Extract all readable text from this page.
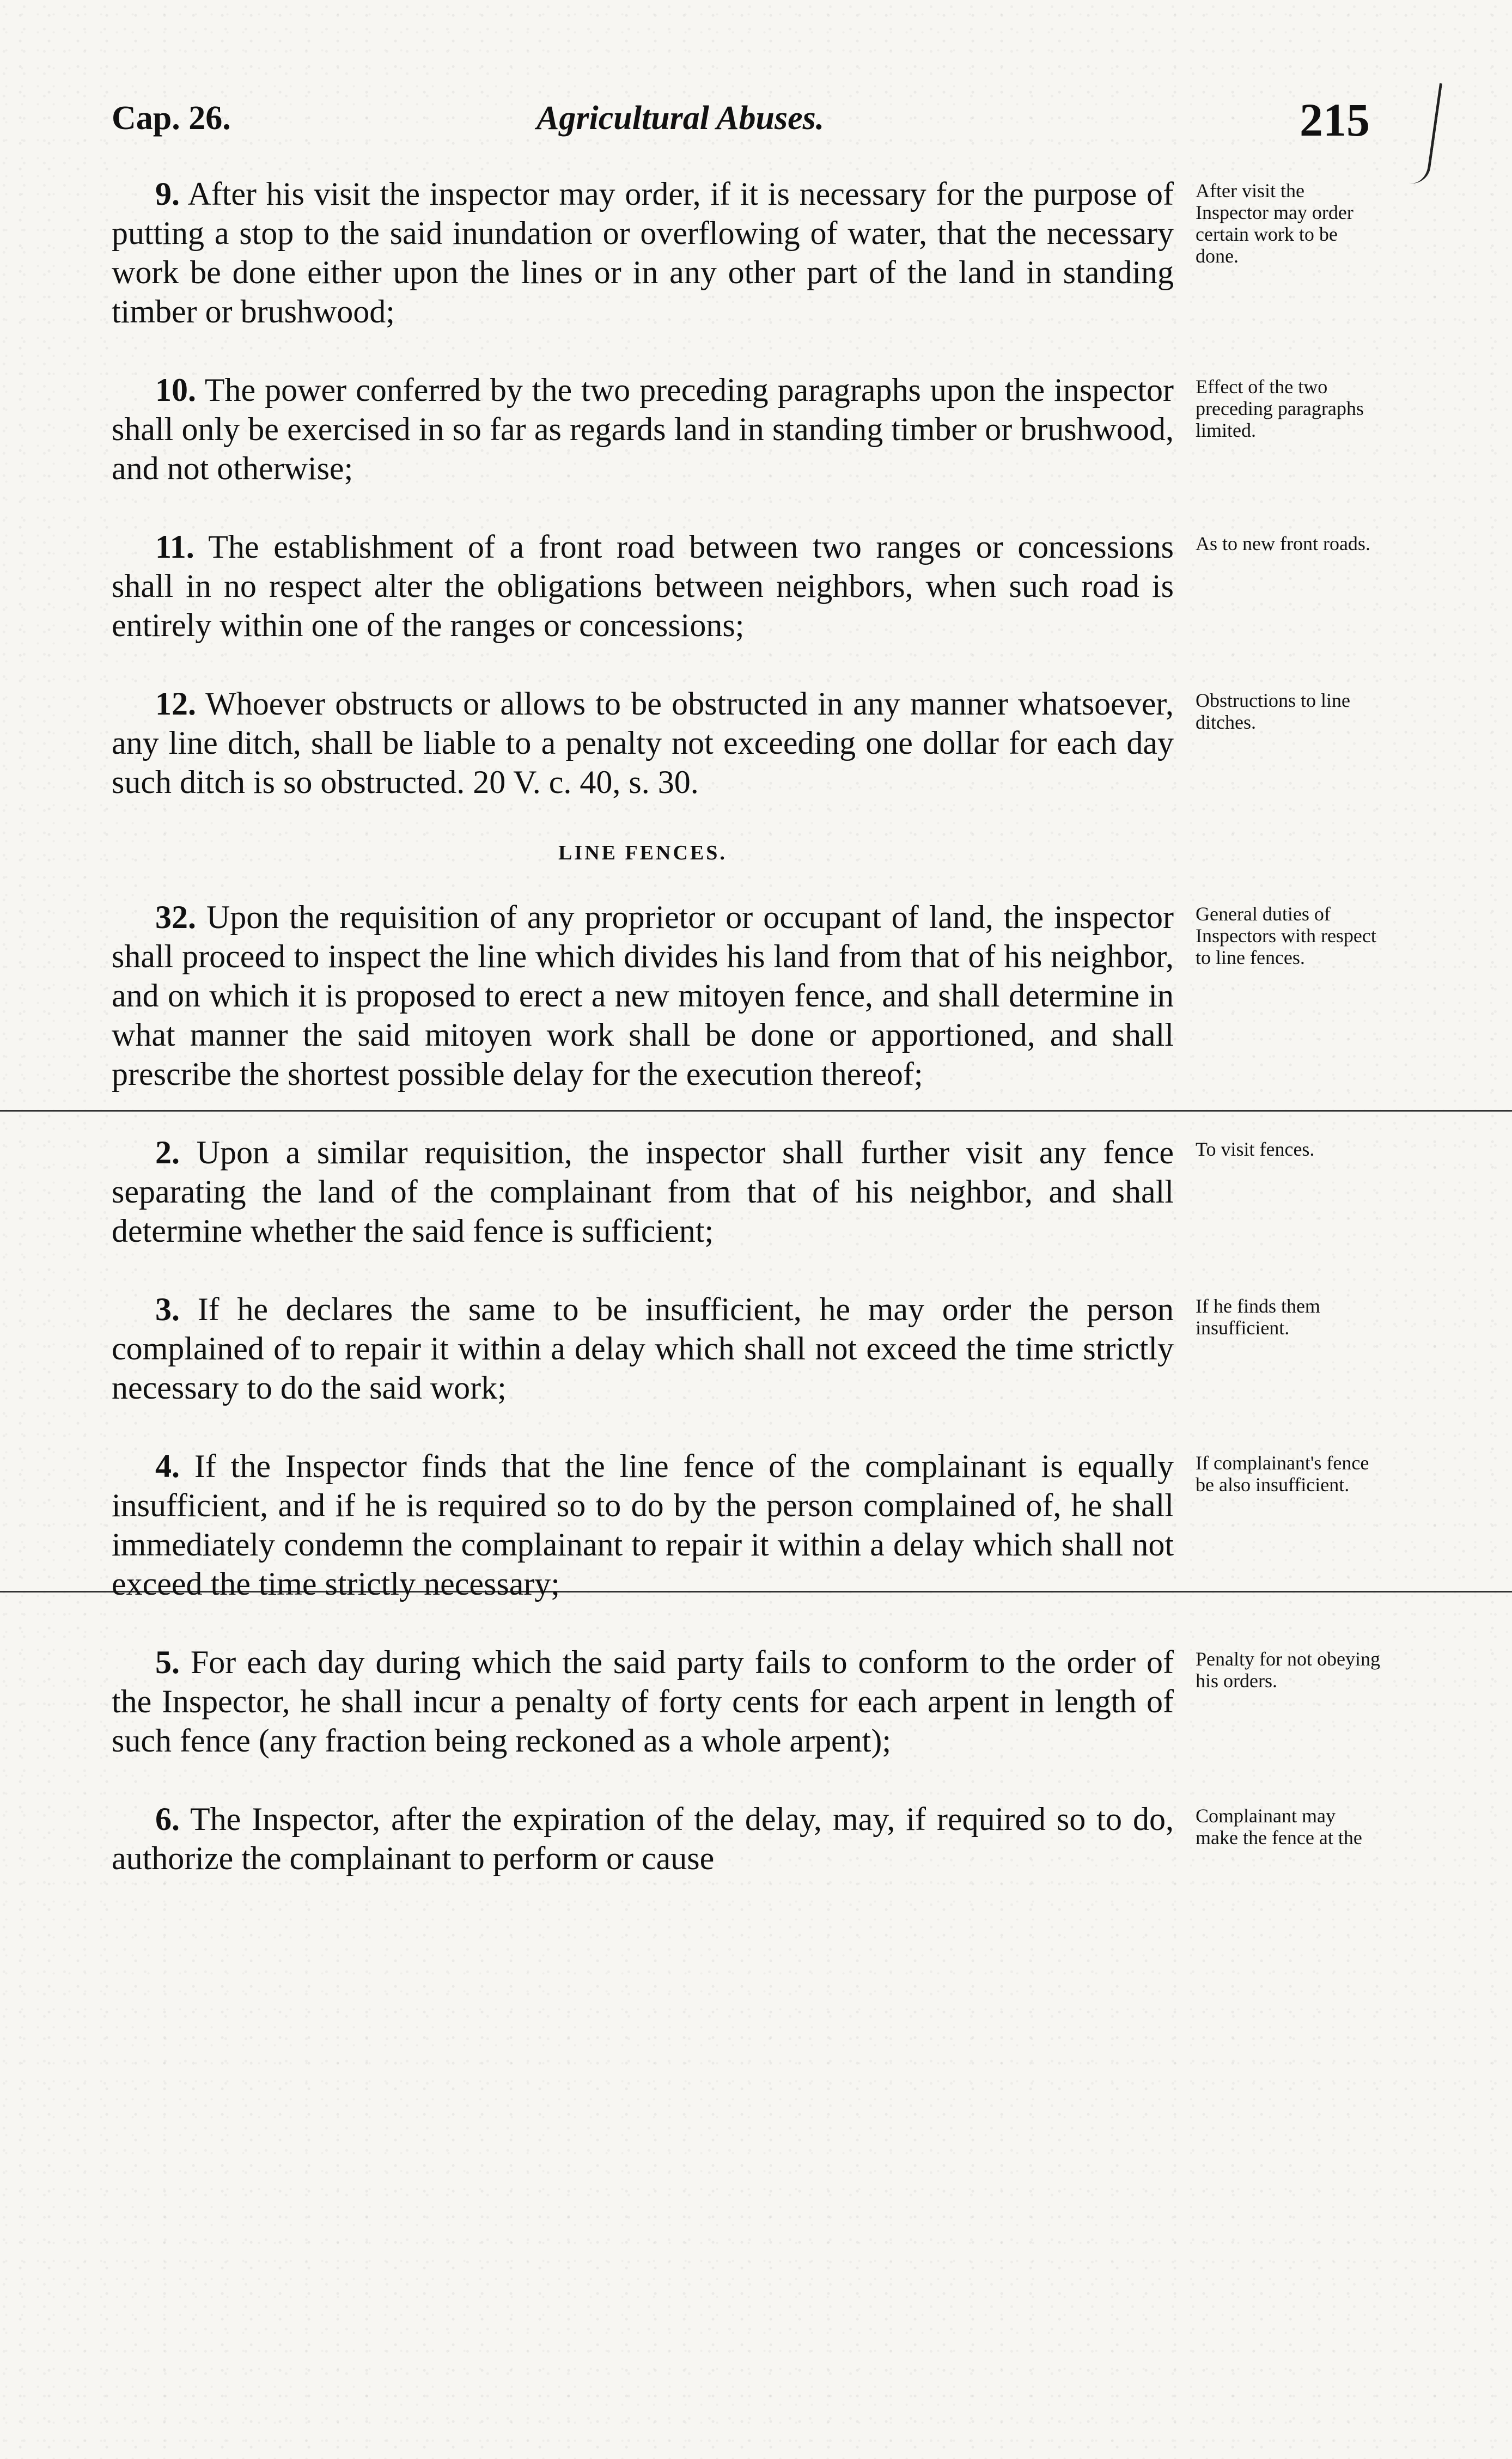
Cap. 26.	Agricultural Abuses.	215
9. After his visit the inspector may order, if it is necessary for the purpose of putting a stop to the said inundation or overflowing of water, that the necessary work be done either upon the lines or in any other part of the land in standing timber or brushwood;
After visit the Inspector may order certain work to be done.
10. The power conferred by the two preceding paragraphs upon the inspector shall only be exercised in so far as regards land in standing timber or brushwood, and not otherwise;
Effect of the two preceding paragraphs limited.
11. The establishment of a front road between two ranges or concessions shall in no respect alter the obligations between neighbors, when such road is entirely within one of the ranges or concessions;
As to new front roads.
12. Whoever obstructs or allows to be obstructed in any manner whatsoever, any line ditch, shall be liable to a penalty not exceeding one dollar for each day such ditch is so obstructed. 20 V. c. 40, s. 30.
Obstructions to line ditches.
LINE FENCES.
32. Upon the requisition of any proprietor or occupant of land, the inspector shall proceed to inspect the line which divides his land from that of his neighbor, and on which it is proposed to erect a new mitoyen fence, and shall determine in what manner the said mitoyen work shall be done or apportioned, and shall prescribe the shortest possible delay for the execution thereof;
General duties of Inspectors with respect to line fences.
2. Upon a similar requisition, the inspector shall further visit any fence separating the land of the complainant from that of his neighbor, and shall determine whether the said fence is sufficient;
To visit fences.
3. If he declares the same to be insufficient, he may order the person complained of to repair it within a delay which shall not exceed the time strictly necessary to do the said work;
If he finds them insufficient.
4. If the Inspector finds that the line fence of the complainant is equally insufficient, and if he is required so to do by the person complained of, he shall immediately condemn the complainant to repair it within a delay which shall not exceed the time strictly necessary;
If complainant's fence be also insufficient.
5. For each day during which the said party fails to conform to the order of the Inspector, he shall incur a penalty of forty cents for each arpent in length of such fence (any fraction being reckoned as a whole arpent);
Penalty for not obeying his orders.
6. The Inspector, after the expiration of the delay, may, if required so to do, authorize the complainant to perform or cause
Complainant may make the fence at the
